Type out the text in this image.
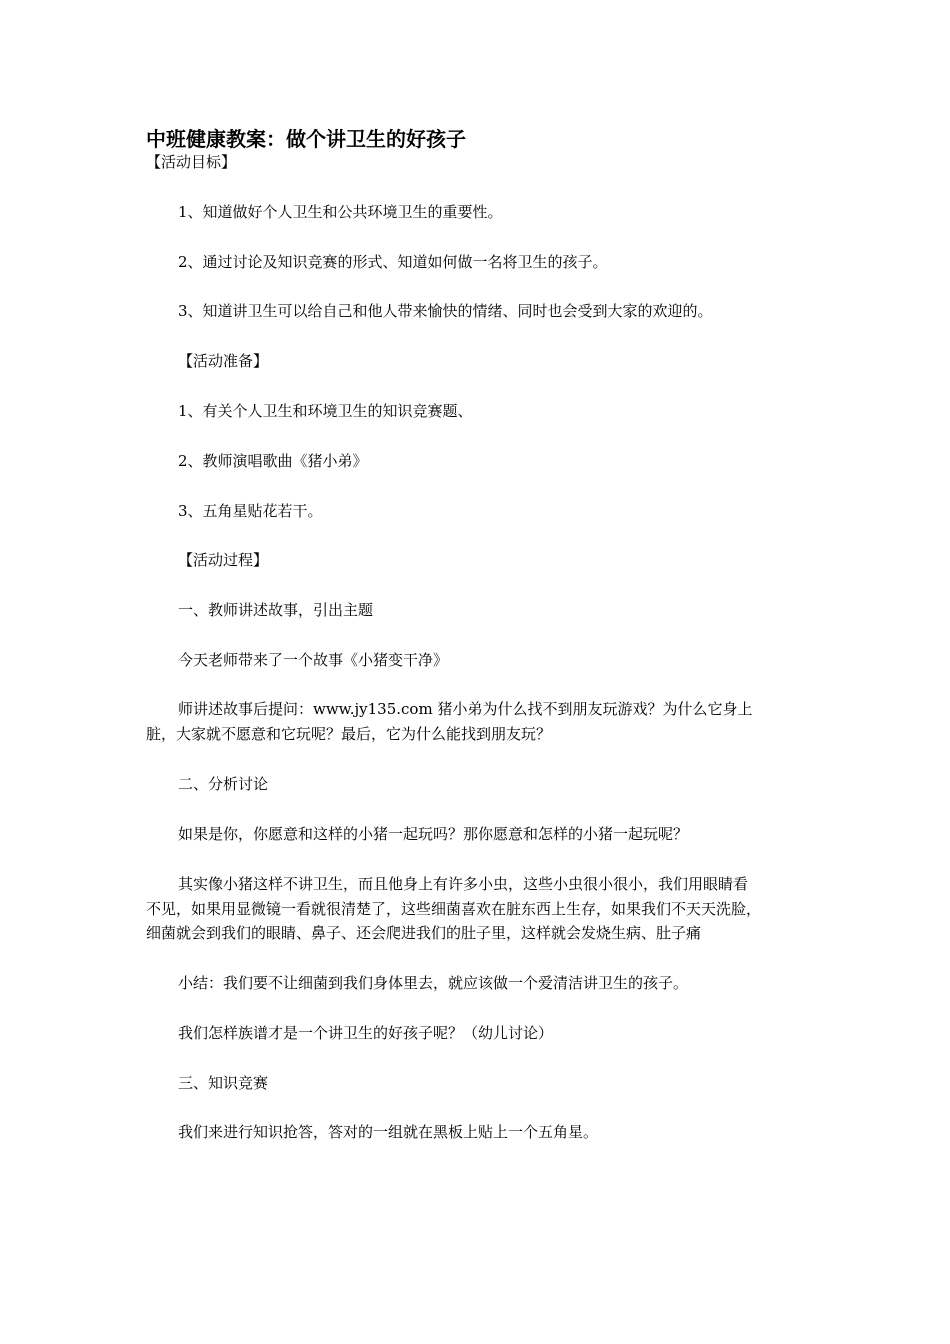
中班健康教案：做个讲卫生的好孩子
【活动目标】
1、知道做好个人卫生和公共环境卫生的重要性。
2、通过讨论及知识竞赛的形式、知道如何做一名将卫生的孩子。
3、知道讲卫生可以给自己和他人带来愉快的情绪、同时也会受到大家的欢迎的。
【活动准备】
1、有关个人卫生和环境卫生的知识竞赛题、
2、教师演唱歌曲《猪小弟》
3、五角星贴花若干。
【活动过程】
一、教师讲述故事，引出主题
今天老师带来了一个故事《小猪变干净》
师讲述故事后提问：www.jy135.com 猪小弟为什么找不到朋友玩游戏？为什么它身上
脏，大家就不愿意和它玩呢？最后，它为什么能找到朋友玩？
二、分析讨论
如果是你，你愿意和这样的小猪一起玩吗？那你愿意和怎样的小猪一起玩呢？
其实像小猪这样不讲卫生，而且他身上有许多小虫，这些小虫很小很小，我们用眼睛看
不见，如果用显微镜一看就很清楚了，这些细菌喜欢在脏东西上生存，如果我们不天天洗脸，
细菌就会到我们的眼睛、鼻子、还会爬进我们的肚子里，这样就会发烧生病、肚子痛
小结：我们要不让细菌到我们身体里去，就应该做一个爱清洁讲卫生的孩子。
我们怎样族谱才是一个讲卫生的好孩子呢？（幼儿讨论）
三、知识竞赛
我们来进行知识抢答，答对的一组就在黑板上贴上一个五角星。
